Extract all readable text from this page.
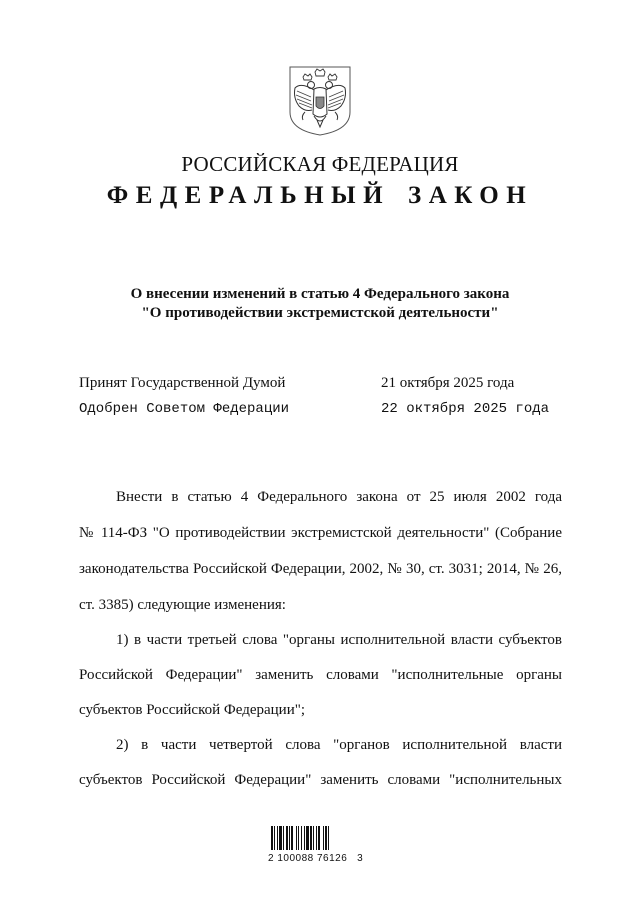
РОССИЙСКАЯ ФЕДЕРАЦИЯ
ФЕДЕРАЛЬНЫЙ ЗАКОН
О внесении изменений в статью 4 Федерального закона
"О противодействии экстремистской деятельности"
Принят Государственной Думой	21 октября 2025 года
Одобрен Советом Федерации	22 октября 2025 года
Внести в статью 4 Федерального закона от 25 июля 2002 года
№ 114-ФЗ "О противодействии экстремистской деятельности" (Собрание
законодательства Российской Федерации, 2002, № 30, ст. 3031; 2014, № 26,
ст. 3385) следующие изменения:
1) в части третьей слова "органы исполнительной власти субъектов
Российской Федерации" заменить словами "исполнительные органы
субъектов Российской Федерации";
2) в части четвертой слова "органов исполнительной власти
субъектов Российской Федерации" заменить словами "исполнительных
2 100088 76126   3
